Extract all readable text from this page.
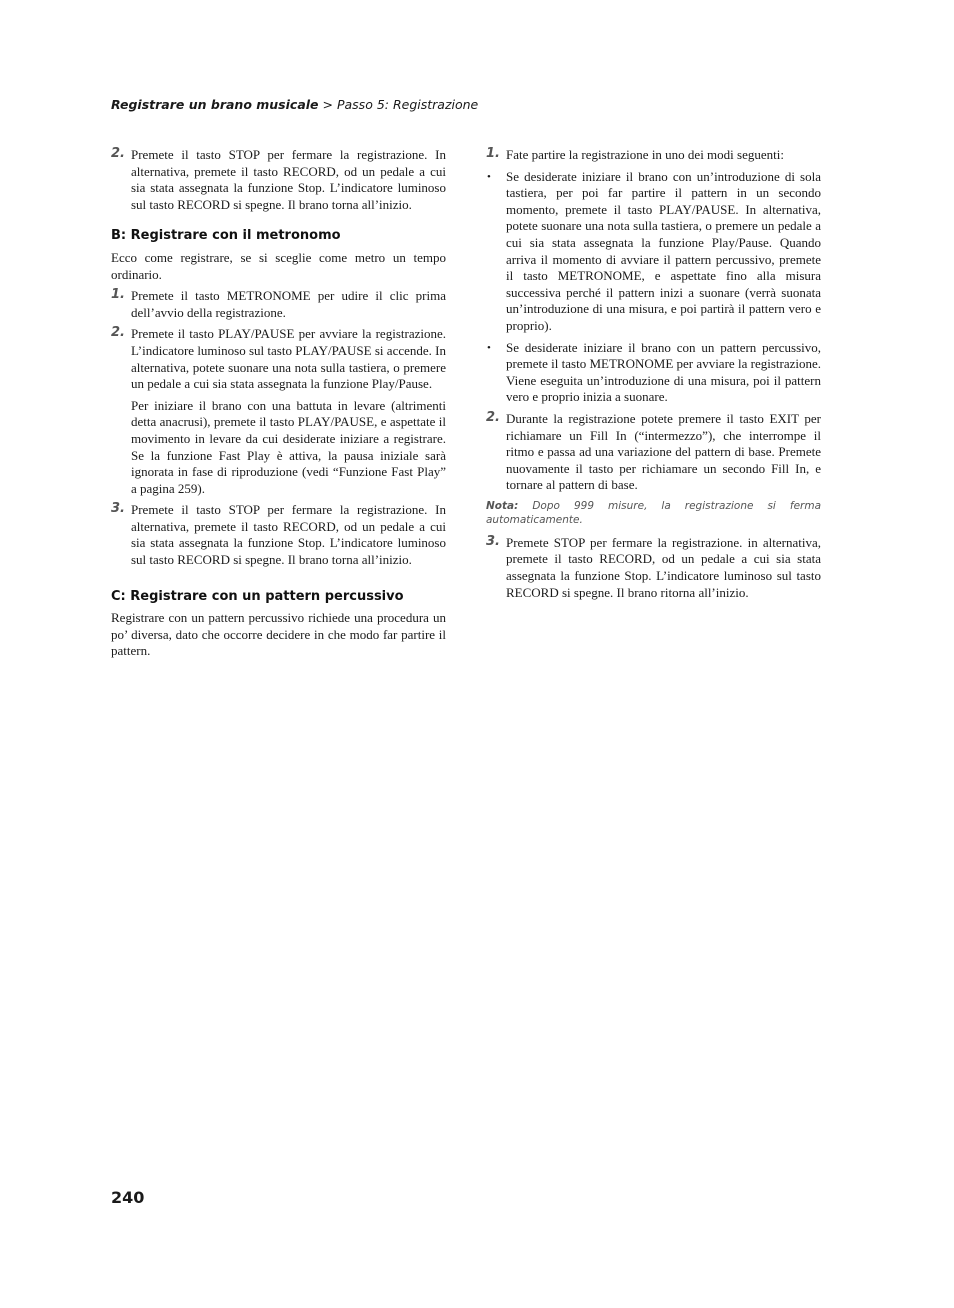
Registrare un brano musicale > Passo 5: Registrazione
2. Premete il tasto STOP per fermare la registrazione. In alternativa, premete il tasto RECORD, od un pedale a cui sia stata assegnata la funzione Stop. L’indicatore luminoso sul tasto RECORD si spegne. Il brano torna all’inizio.

B: Registrare con il metronomo

Ecco come registrare, se si sceglie come metro un tempo ordinario.

1. Premete il tasto METRONOME per udire il clic prima dell’avvio della registrazione.

2. Premete il tasto PLAY/PAUSE per avviare la registrazione. L’indicatore luminoso sul tasto PLAY/PAUSE si accende. In alternativa, potete suonare una nota sulla tastiera, o premere un pedale a cui sia stata assegnata la funzione Play/Pause.

Per iniziare il brano con una battuta in levare (altrimenti detta anacrusi), premete il tasto PLAY/PAUSE, e aspettate il movimento in levare da cui desiderate iniziare a registrare. Se la funzione Fast Play è attiva, la pausa iniziale sarà ignorata in fase di riproduzione (vedi “Funzione Fast Play” a pagina 259).

3. Premete il tasto STOP per fermare la registrazione. In alternativa, premete il tasto RECORD, od un pedale a cui sia stata assegnata la funzione Stop. L’indicatore luminoso sul tasto RECORD si spegne. Il brano torna all’inizio.

C: Registrare con un pattern percussivo

Registrare con un pattern percussivo richiede una procedura un po’ diversa, dato che occorre decidere in che modo far partire il pattern.

1. Fate partire la registrazione in uno dei modi seguenti:

• Se desiderate iniziare il brano con un’introduzione di sola tastiera, per poi far partire il pattern in un secondo momento, premete il tasto PLAY/PAUSE. In alternativa, potete suonare una nota sulla tastiera, o premere un pedale a cui sia stata assegnata la funzione Play/Pause. Quando arriva il momento di avviare il pattern percussivo, premete il tasto METRONOME, e aspettate fino alla misura successiva perché il pattern inizi a suonare (verrà suonata un’introduzione di una misura, e poi partirà il pattern vero e proprio).

• Se desiderate iniziare il brano con un pattern percussivo, premete il tasto METRONOME per avviare la registrazione. Viene eseguita un’introduzione di una misura, poi il pattern vero e proprio inizia a suonare.

2. Durante la registrazione potete premere il tasto EXIT per richiamare un Fill In (“intermezzo”), che interrompe il ritmo e passa ad una variazione del pattern di base. Premete nuovamente il tasto per richiamare un secondo Fill In, e tornare al pattern di base.

Nota: Dopo 999 misure, la registrazione si ferma automaticamente.

3. Premete STOP per fermare la registrazione. in alternativa, premete il tasto RECORD, od un pedale a cui sia stata assegnata la funzione Stop. L’indicatore luminoso sul tasto RECORD si spegne. Il brano ritorna all’inizio.

240
